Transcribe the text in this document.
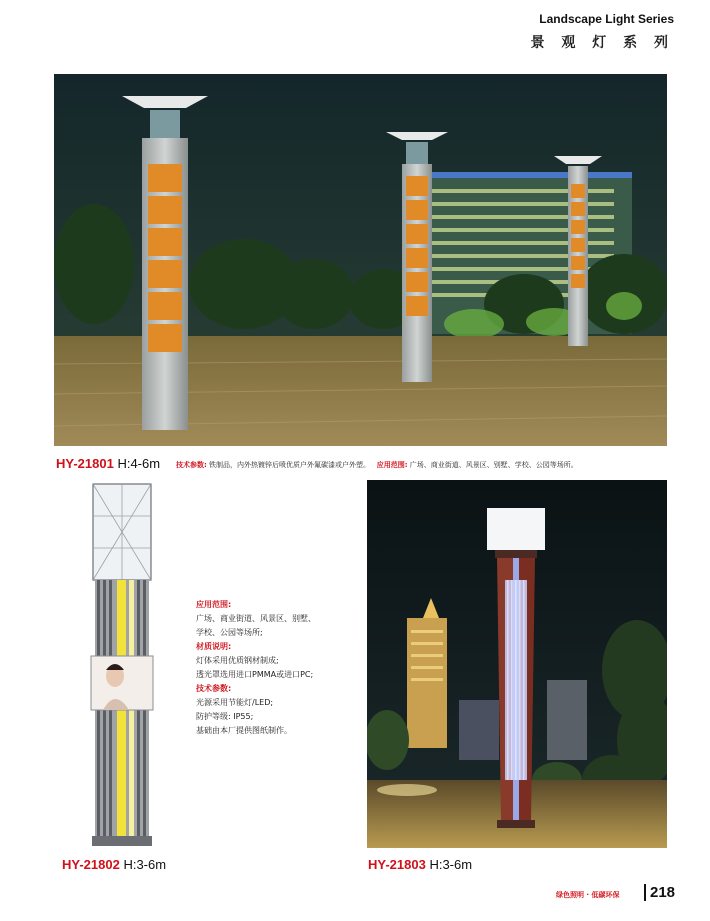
Landscape Light Series
景 观 灯 系 列
HY-21801 H:4-6m 技术参数: 铁制品，内外热镀锌后喷优质户外氟碳漆或户外塑。 应用范围: 广场、商业街道、风景区、别墅、学校、公园等场所。
HY-21802 H:3-6m
应用范围:
广场、商业街道、风景区、别墅、
学校、公园等场所;
材质说明:
灯体采用优质钢材制成;
透光罩选用进口PMMA或进口PC;
技术参数:
光源采用节能灯/LED;
防护等级: IP55;
基础由本厂提供图纸制作。
HY-21803 H:3-6m
绿色照明 · 低碳环保	218
